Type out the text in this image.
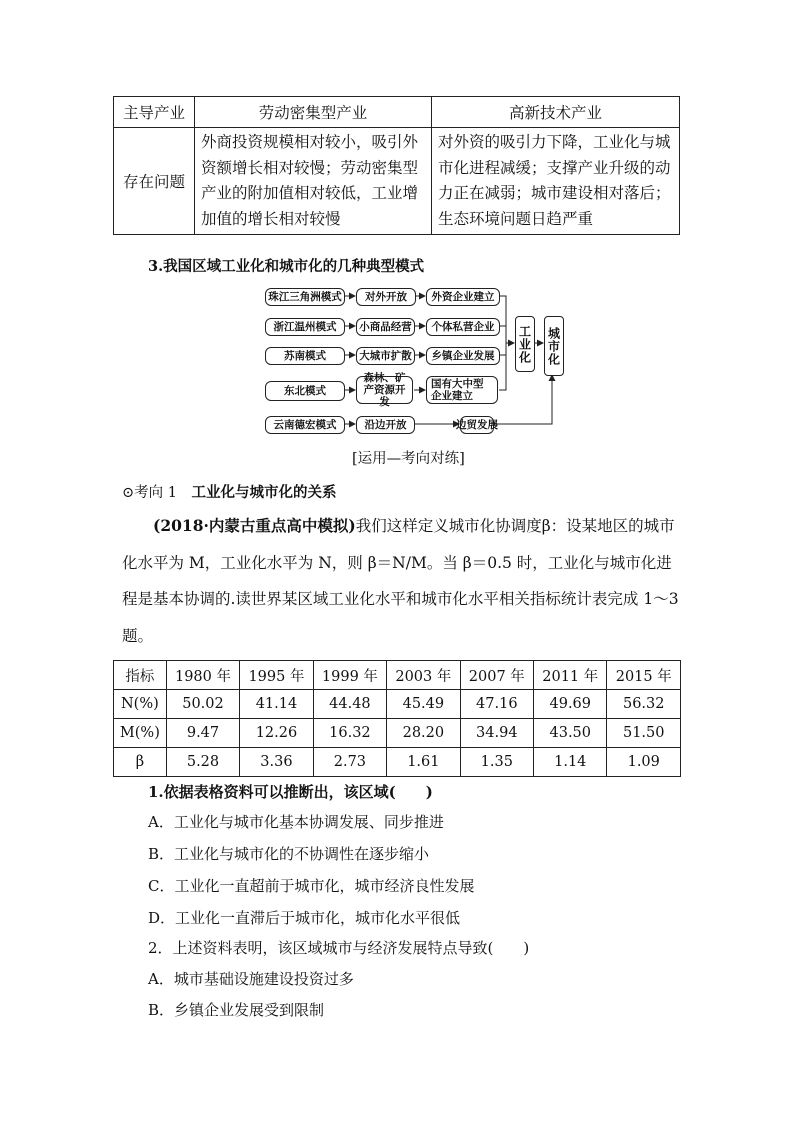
主导产业	劳动密集型产业	高新技术产业
存在问题	外商投资规模相对较小，吸引外资额增长相对较慢；劳动密集型产业的附加值相对较低，工业增加值的增长相对较慢	对外资的吸引力下降，工业化与城市化进程减缓；支撑产业升级的动力正在减弱；城市建设相对落后；生态环境问题日趋严重
3.我国区域工业化和城市化的几种典型模式
珠江三角洲模式
浙江温州模式
苏南模式
东北模式
云南德宏模式
对外开放
小商品经营
大城市扩散
森林、矿产资源开发
沿边开放
外资企业建立
个体私营企业
乡镇企业发展
国有大中型企业建立
边贸发展
工业化 城市化
[运用—考向对练]
⊙考向 1  工业化与城市化的关系
(2018·内蒙古重点高中模拟)我们这样定义城市化协调度β：设某地区的城市化水平为 M，工业化水平为 N，则 β＝N/M。当 β＝0.5 时，工业化与城市化进程是基本协调的.读世界某区域工业化水平和城市化水平相关指标统计表完成 1～3 题。
指标	1980 年	1995 年	1999 年	2003 年	2007 年	2011 年	2015 年
N(%)	50.02	41.14	44.48	45.49	47.16	49.69	56.32
M(%)	9.47	12.26	16.32	28.20	34.94	43.50	51.50
β	5.28	3.36	2.73	1.61	1.35	1.14	1.09
1.依据表格资料可以推断出，该区域(　　)
A．工业化与城市化基本协调发展、同步推进
B．工业化与城市化的不协调性在逐步缩小
C．工业化一直超前于城市化，城市经济良性发展
D．工业化一直滞后于城市化，城市化水平很低
2．上述资料表明，该区域城市与经济发展特点导致(　　)
A．城市基础设施建设投资过多
B．乡镇企业发展受到限制
